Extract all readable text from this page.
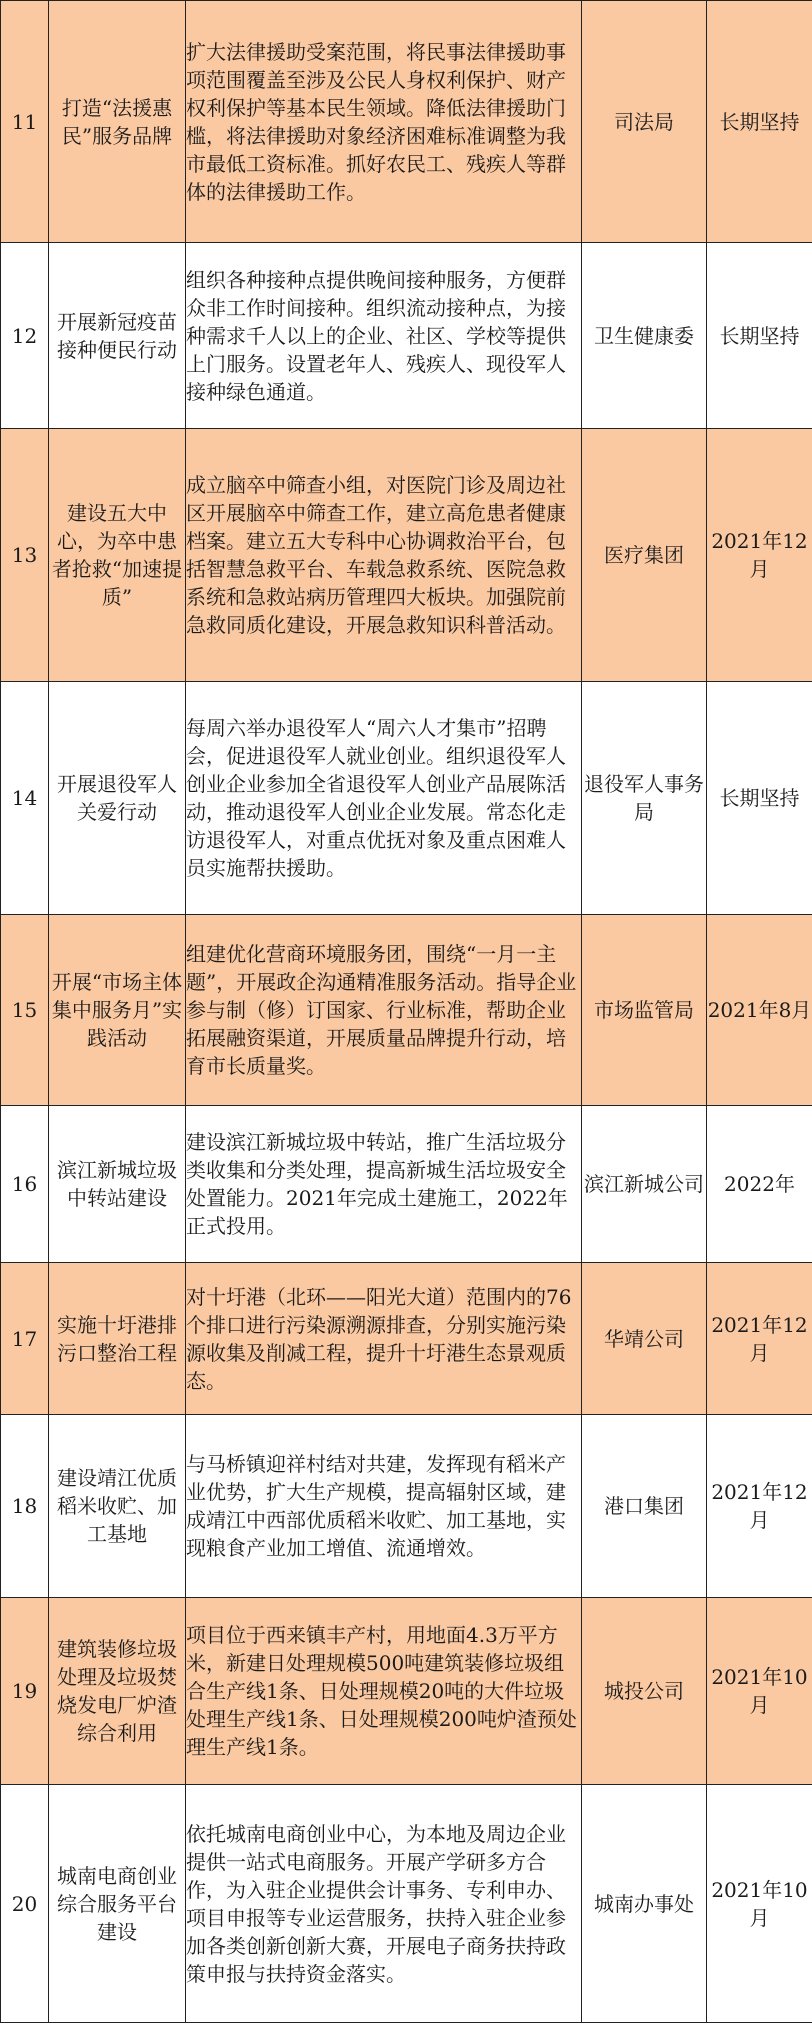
11	打造“法援惠民”服务品牌	扩大法律援助受案范围，将民事法律援助事项范围覆盖至涉及公民人身权利保护、财产权利保护等基本民生领域。降低法律援助门槛，将法律援助对象经济困难标准调整为我市最低工资标准。抓好农民工、残疾人等群体的法律援助工作。	司法局	长期坚持
12	开展新冠疫苗接种便民行动	组织各种接种点提供晚间接种服务，方便群众非工作时间接种。组织流动接种点，为接种需求千人以上的企业、社区、学校等提供上门服务。设置老年人、残疾人、现役军人接种绿色通道。	卫生健康委	长期坚持
13	建设五大中心，为卒中患者抢救“加速提质”	成立脑卒中筛查小组，对医院门诊及周边社区开展脑卒中筛查工作，建立高危患者健康档案。建立五大专科中心协调救治平台，包括智慧急救平台、车载急救系统、医院急救系统和急救站病历管理四大板块。加强院前急救同质化建设，开展急救知识科普活动。	医疗集团	2021年12月
14	开展退役军人关爱行动	每周六举办退役军人“周六人才集市”招聘会，促进退役军人就业创业。组织退役军人创业企业参加全省退役军人创业产品展陈活动，推动退役军人创业企业发展。常态化走访退役军人，对重点优抚对象及重点困难人员实施帮扶援助。	退役军人事务局	长期坚持
15	开展“市场主体集中服务月”实践活动	组建优化营商环境服务团，围绕“一月一主题”，开展政企沟通精准服务活动。指导企业参与制（修）订国家、行业标准，帮助企业拓展融资渠道，开展质量品牌提升行动，培育市长质量奖。	市场监管局	2021年8月
16	滨江新城垃圾中转站建设	建设滨江新城垃圾中转站，推广生活垃圾分类收集和分类处理，提高新城生活垃圾安全处置能力。2021年完成土建施工，2022年正式投用。	滨江新城公司	2022年
17	实施十圩港排污口整治工程	对十圩港（北环——阳光大道）范围内的76个排口进行污染源溯源排查，分别实施污染源收集及削减工程，提升十圩港生态景观质态。	华靖公司	2021年12月
18	建设靖江优质稻米收贮、加工基地	与马桥镇迎祥村结对共建，发挥现有稻米产业优势，扩大生产规模，提高辐射区域，建成靖江中西部优质稻米收贮、加工基地，实现粮食产业加工增值、流通增效。	港口集团	2021年12月
19	建筑装修垃圾处理及垃圾焚烧发电厂炉渣综合利用	项目位于西来镇丰产村，用地面4.3万平方米，新建日处理规模500吨建筑装修垃圾组合生产线1条、日处理规模20吨的大件垃圾处理生产线1条、日处理规模200吨炉渣预处理生产线1条。	城投公司	2021年10月
20	城南电商创业综合服务平台建设	依托城南电商创业中心，为本地及周边企业提供一站式电商服务。开展产学研多方合作，为入驻企业提供会计事务、专利申办、项目申报等专业运营服务，扶持入驻企业参加各类创新创新大赛，开展电子商务扶持政策申报与扶持资金落实。	城南办事处	2021年10月
